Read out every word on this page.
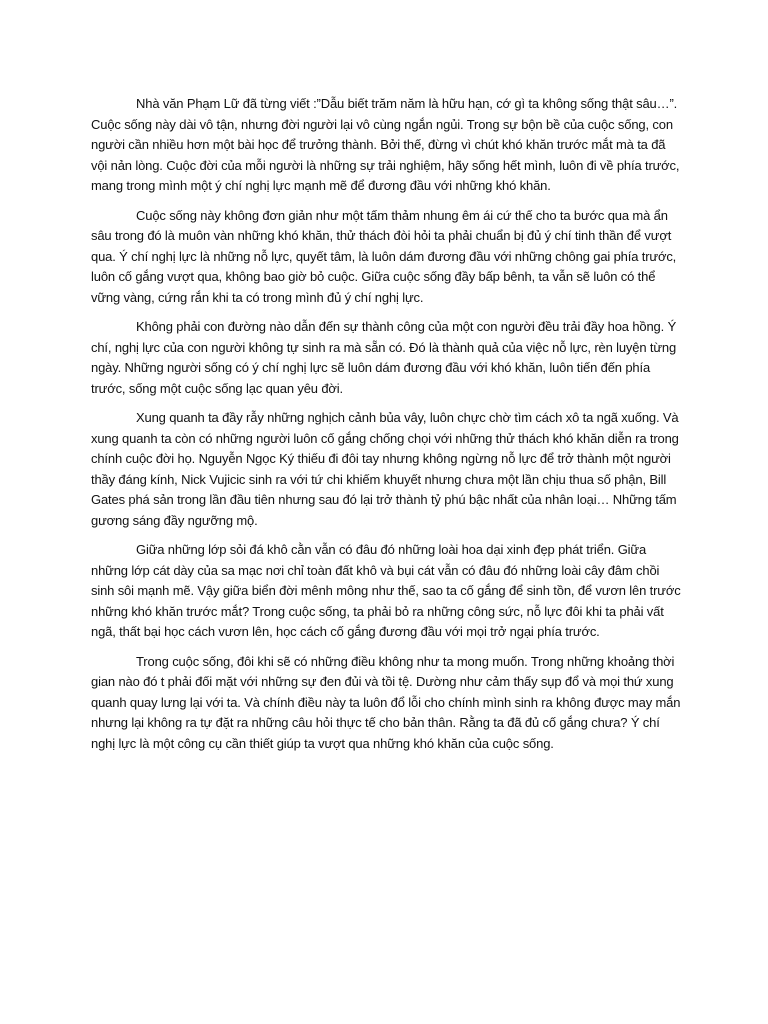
Nhà văn Phạm Lữ đã từng viết :”Dẫu biết trăm năm là hữu hạn, cớ gì ta không sống thật sâu…”. Cuộc sống này dài vô tận, nhưng đời người lại vô cùng ngắn ngủi. Trong sự bộn bề của cuộc sống, con người cần nhiều hơn một bài học để trưởng thành. Bởi thế, đừng vì chút khó khăn trước mắt mà ta đã vội nản lòng. Cuộc đời của mỗi người là những sự trải nghiệm, hãy sống hết mình, luôn đi về phía trước, mang trong mình một ý chí nghị lực mạnh mẽ để đương đầu với những khó khăn.

Cuộc sống này không đơn giản như một tấm thảm nhung êm ái cứ thế cho ta bước qua mà ẩn sâu trong đó là muôn vàn những khó khăn, thử thách đòi hỏi ta phải chuẩn bị đủ ý chí tinh thần để vượt qua. Ý chí nghị lực là những nỗ lực, quyết tâm, là luôn dám đương đầu với những chông gai phía trước, luôn cố gắng vượt qua, không bao giờ bỏ cuộc. Giữa cuộc sống đầy bấp bênh, ta vẫn sẽ luôn có thể vững vàng, cứng rắn khi ta có trong mình đủ ý chí nghị lực.

Không phải con đường nào dẫn đến sự thành công của một con người đều trải đầy hoa hồng. Ý chí, nghị lực của con người không tự sinh ra mà sẵn có. Đó là thành quả của việc nỗ lực, rèn luyện từng ngày. Những người sống có ý chí nghị lực sẽ luôn dám đương đầu với khó khăn, luôn tiến đến phía trước, sống một cuộc sống lạc quan yêu đời.

Xung quanh ta đầy rẫy những nghịch cảnh bủa vây, luôn chực chờ tìm cách xô ta ngã xuống. Và xung quanh ta còn có những người luôn cố gắng chống chọi với những thử thách khó khăn diễn ra trong chính cuộc đời họ. Nguyễn Ngọc Ký thiếu đi đôi tay nhưng không ngừng nỗ lực để trở thành một người thầy đáng kính, Nick Vujicic sinh ra với tứ chi khiếm khuyết nhưng chưa một lần chịu thua số phận, Bill Gates phá sản trong lần đầu tiên nhưng sau đó lại trở thành tỷ phú bậc nhất của nhân loại… Những tấm gương sáng đầy ngưỡng mộ.

Giữa những lớp sỏi đá khô cằn vẫn có đâu đó những loài hoa dại xinh đẹp phát triển. Giữa những lớp cát dày của sa mạc nơi chỉ toàn đất khô và bụi cát vẫn có đâu đó những loài cây đâm chồi sinh sôi mạnh mẽ. Vậy giữa biển đời mênh mông như thế, sao ta cố gắng để sinh tồn, để vươn lên trước những khó khăn trước mắt? Trong cuộc sống, ta phải bỏ ra những công sức, nỗ lực đôi khi ta phải vất ngã, thất bại học cách vươn lên, học cách cố gắng đương đầu với mọi trở ngại phía trước.

Trong cuộc sống, đôi khi sẽ có những điều không như ta mong muốn. Trong những khoảng thời gian nào đó t phải đối mặt với những sự đen đủi và tồi tệ. Dường như cảm thấy sụp đổ và mọi thứ xung quanh quay lưng lại với ta. Và chính điều này ta luôn đổ lỗi cho chính mình sinh ra không được may mắn nhưng lại không ra tự đặt ra những câu hỏi thực tế cho bản thân. Rằng ta đã đủ cố gắng chưa? Ý chí nghị lực là một công cụ cần thiết giúp ta vượt qua những khó khăn của cuộc sống.
